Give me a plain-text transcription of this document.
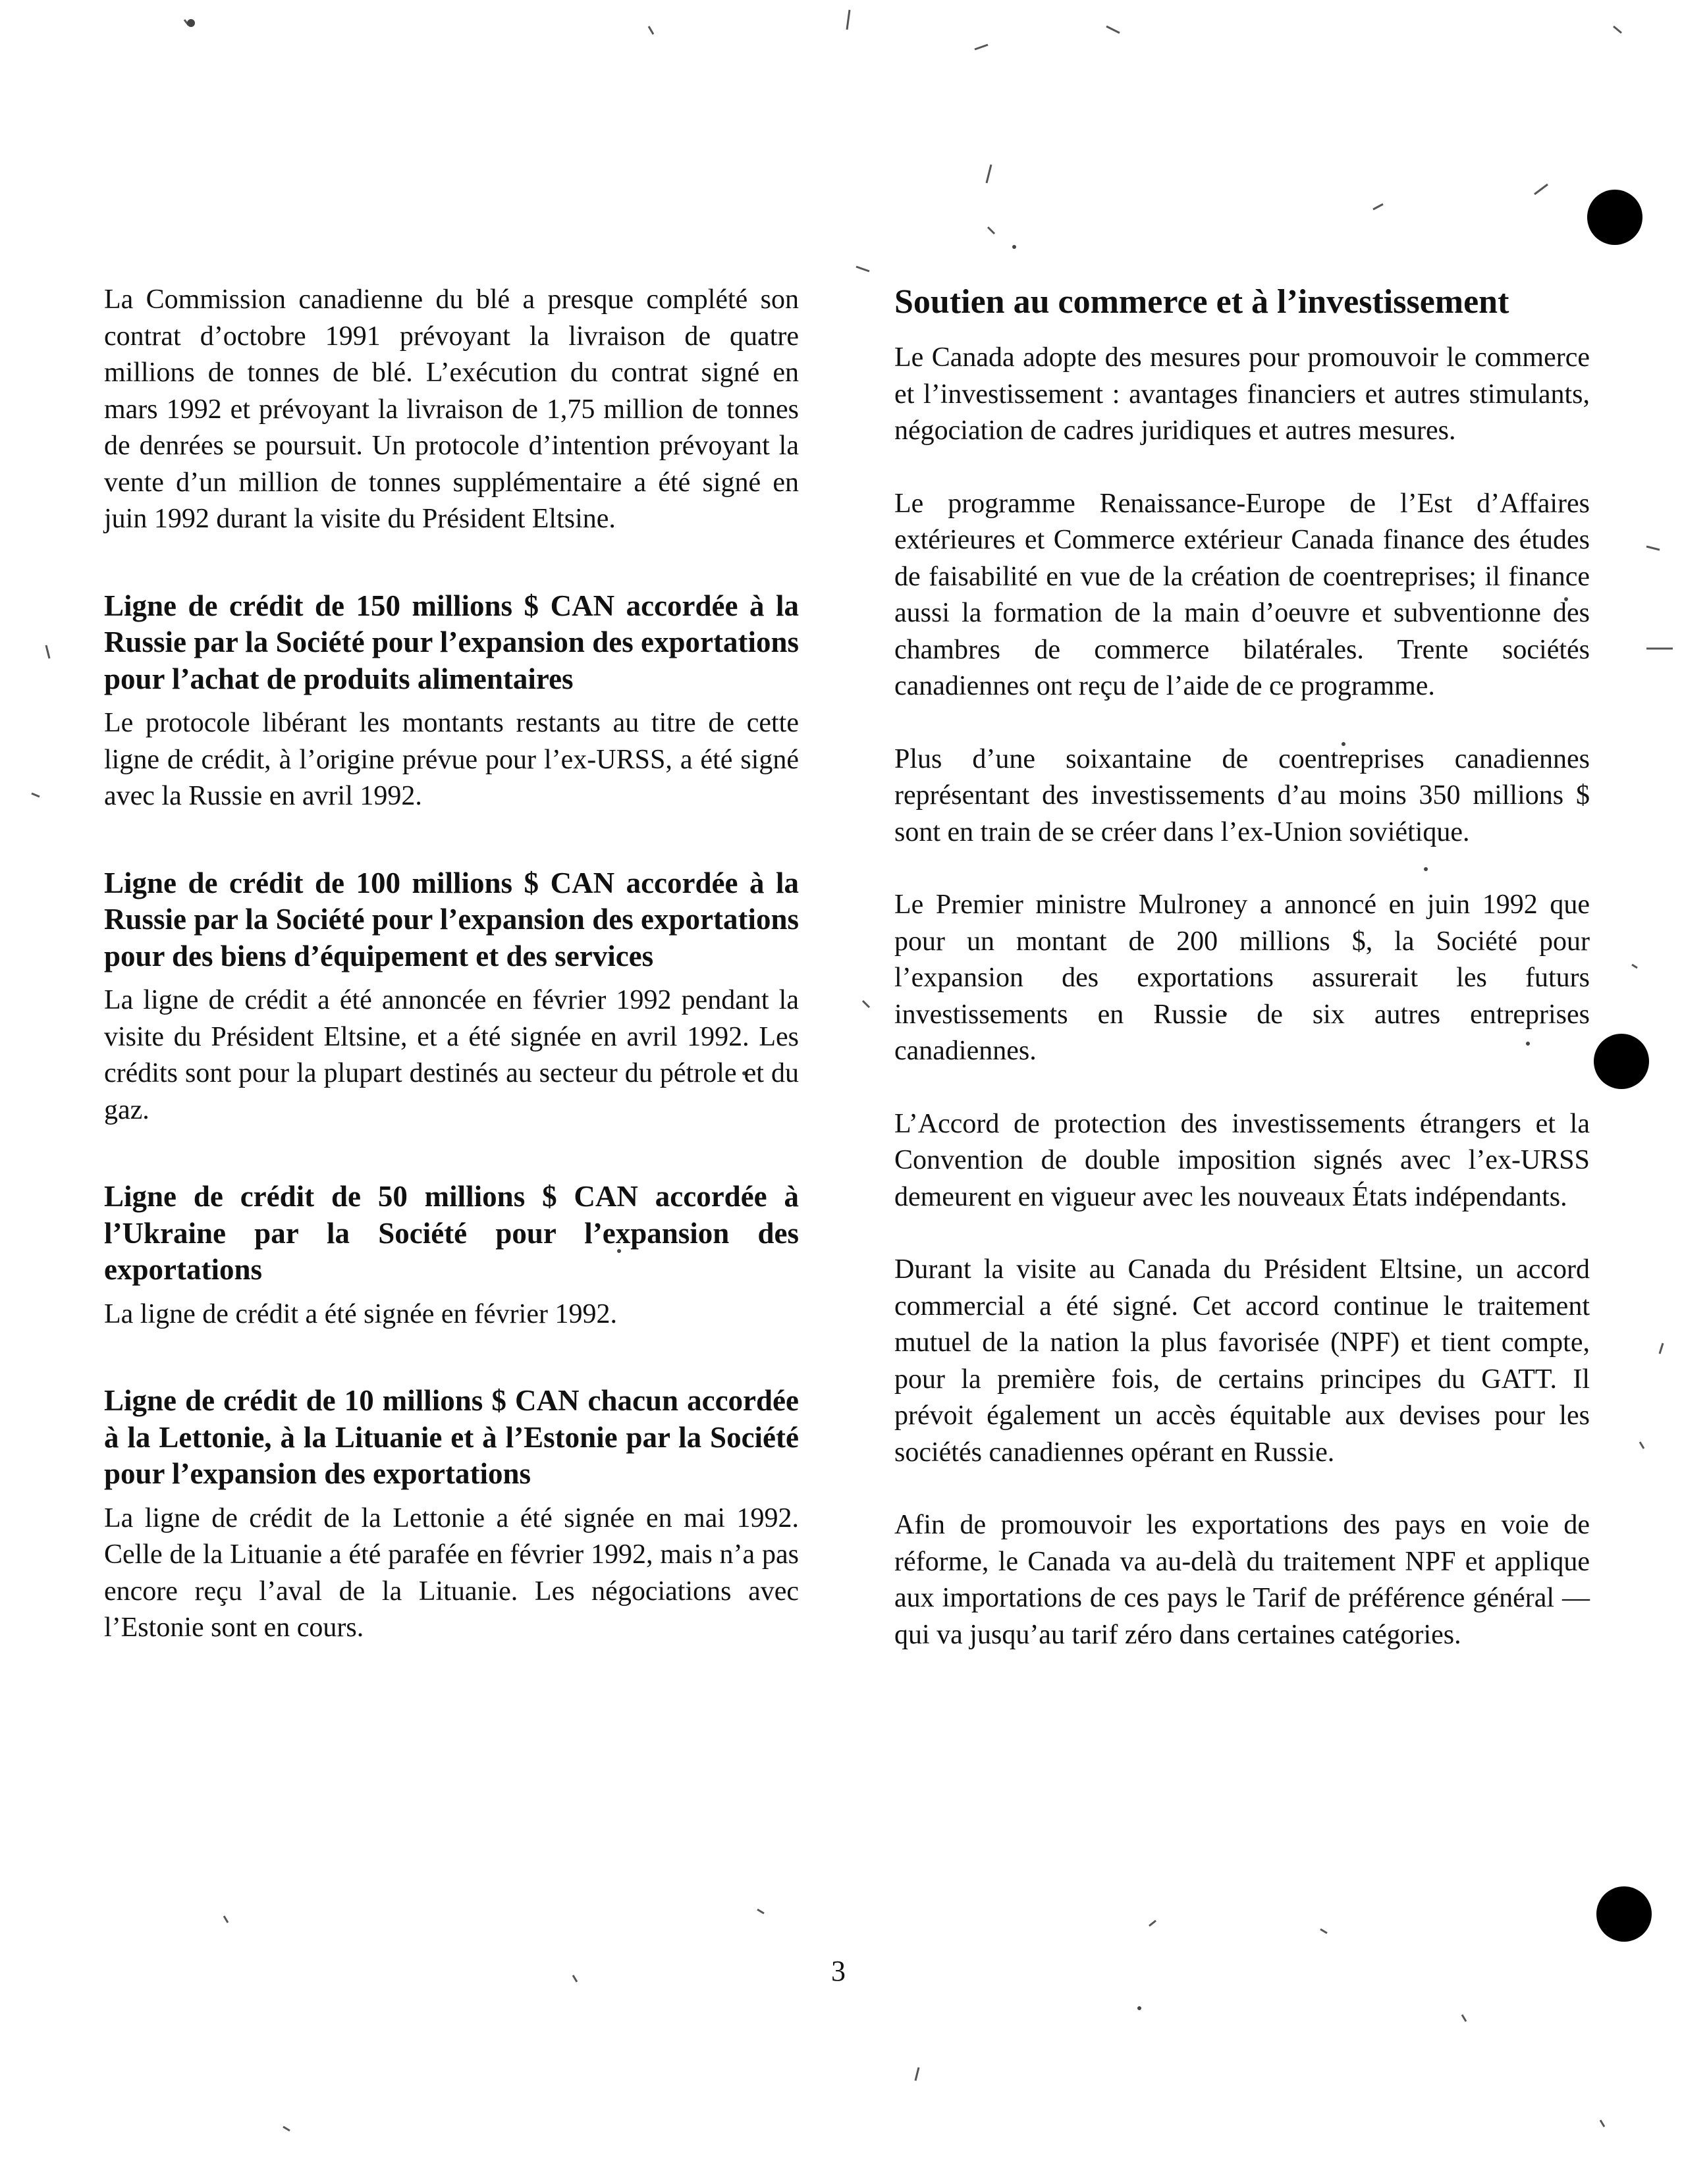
La Commission canadienne du blé a presque complété son contrat d’octobre 1991 prévoyant la livraison de quatre millions de tonnes de blé. L’exécution du contrat signé en mars 1992 et prévoyant la livraison de 1,75 million de tonnes de denrées se poursuit. Un protocole d’intention prévoyant la vente d’un million de tonnes supplémentaire a été signé en juin 1992 durant la visite du Président Eltsine.

Ligne de crédit de 150 millions $ CAN accordée à la Russie par la Société pour l’expansion des exportations pour l’achat de produits alimentaires

Le protocole libérant les montants restants au titre de cette ligne de crédit, à l’origine prévue pour l’ex-URSS, a été signé avec la Russie en avril 1992.

Ligne de crédit de 100 millions $ CAN accordée à la Russie par la Société pour l’expansion des exportations pour des biens d’équipement et des services

La ligne de crédit a été annoncée en février 1992 pendant la visite du Président Eltsine, et a été signée en avril 1992. Les crédits sont pour la plupart destinés au secteur du pétrole et du gaz.

Ligne de crédit de 50 millions $ CAN accordée à l’Ukraine par la Société pour l’expansion des exportations

La ligne de crédit a été signée en février 1992.

Ligne de crédit de 10 millions $ CAN chacun accordée à la Lettonie, à la Lituanie et à l’Estonie par la Société pour l’expansion des exportations

La ligne de crédit de la Lettonie a été signée en mai 1992. Celle de la Lituanie a été parafée en février 1992, mais n’a pas encore reçu l’aval de la Lituanie. Les négociations avec l’Estonie sont en cours.

Soutien au commerce et à l’investissement

Le Canada adopte des mesures pour promouvoir le commerce et l’investissement : avantages financiers et autres stimulants, négociation de cadres juridiques et autres mesures.

Le programme Renaissance-Europe de l’Est d’Affaires extérieures et Commerce extérieur Canada finance des études de faisabilité en vue de la création de coentreprises; il finance aussi la formation de la main d’oeuvre et subventionne des chambres de commerce bilatérales. Trente sociétés canadiennes ont reçu de l’aide de ce programme.

Plus d’une soixantaine de coentreprises canadiennes représentant des investissements d’au moins 350 millions $ sont en train de se créer dans l’ex-Union soviétique.

Le Premier ministre Mulroney a annoncé en juin 1992 que pour un montant de 200 millions $, la Société pour l’expansion des exportations assurerait les futurs investissements en Russie de six autres entreprises canadiennes.

L’Accord de protection des investissements étrangers et la Convention de double imposition signés avec l’ex-URSS demeurent en vigueur avec les nouveaux États indépendants.

Durant la visite au Canada du Président Eltsine, un accord commercial a été signé. Cet accord continue le traitement mutuel de la nation la plus favorisée (NPF) et tient compte, pour la première fois, de certains principes du GATT. Il prévoit également un accès équitable aux devises pour les sociétés canadiennes opérant en Russie.

Afin de promouvoir les exportations des pays en voie de réforme, le Canada va au-delà du traitement NPF et applique aux importations de ces pays le Tarif de préférence général — qui va jusqu’au tarif zéro dans certaines catégories.

3
